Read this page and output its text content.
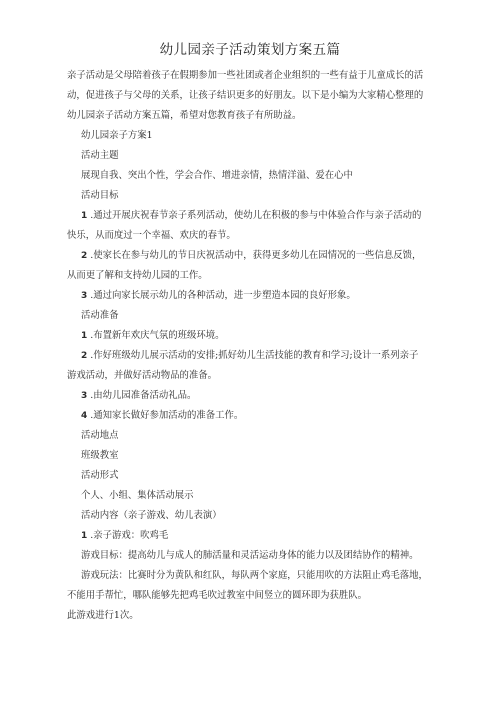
幼儿园亲子活动策划方案五篇

亲子活动是父母陪着孩子在假期参加一些社团或者企业组织的一些有益于儿童成长的活

动，促进孩子与父母的关系，让孩子结识更多的好朋友。以下是小编为大家精心整理的

幼儿园亲子活动方案五篇，希望对您教育孩子有所助益。

幼儿园亲子方案1

活动主题

展现自我、突出个性，学会合作、增进亲情，热情洋溢、爱在心中

活动目标

1 .通过开展庆祝春节亲子系列活动，使幼儿在积极的参与中体验合作与亲子活动的

快乐，从而度过一个幸福、欢庆的春节。

2 .使家长在参与幼儿的节日庆祝活动中，获得更多幼儿在园情况的一些信息反馈，

从而更了解和支持幼儿园的工作。

3 .通过向家长展示幼儿的各种活动，进一步塑造本园的良好形象。

活动准备

1 .布置新年欢庆气氛的班级环境。

2 .作好班级幼儿展示活动的安排;抓好幼儿生活技能的教育和学习;设计一系列亲子

游戏活动，并做好活动物品的准备。

3 .由幼儿园准备活动礼品。

4 .通知家长做好参加活动的准备工作。

活动地点

班级教室

活动形式

个人、小组、集体活动展示

活动内容（亲子游戏、幼儿表演）

1 .亲子游戏：吹鸡毛

游戏目标：提高幼儿与成人的肺活量和灵活运动身体的能力以及团结协作的精神。

游戏玩法：比赛时分为黄队和红队，每队两个家庭，只能用吹的方法阻止鸡毛落地，

不能用手帮忙，哪队能够先把鸡毛吹过教室中间竖立的圆环即为获胜队。

此游戏进行1次。
